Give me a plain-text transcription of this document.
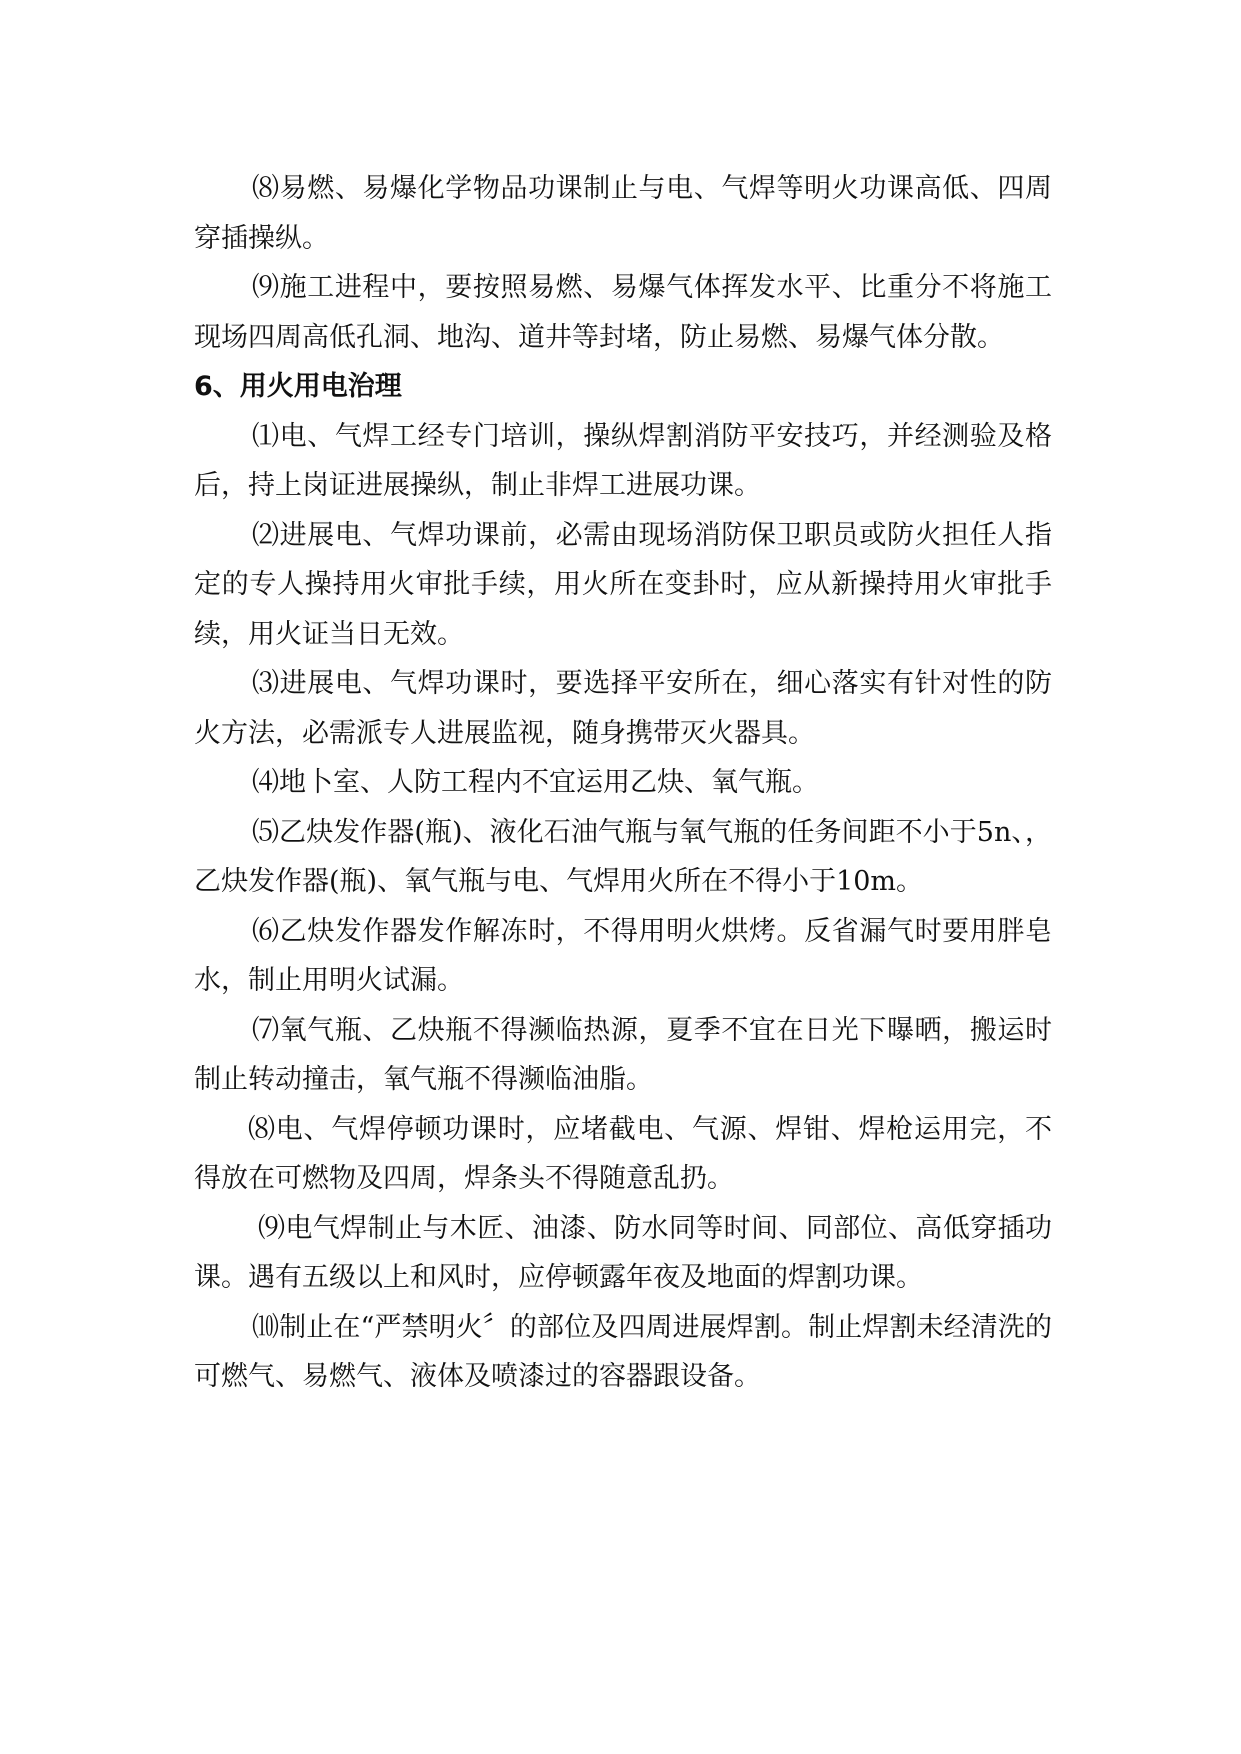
⑻易燃、易爆化学物品功课制止与电、气焊等明火功课高低、四周穿插操纵。

⑼施工进程中，要按照易燃、易爆气体挥发水平、比重分不将施工现场四周高低孔洞、地沟、道井等封堵，防止易燃、易爆气体分散。

6、用火用电治理

⑴电、气焊工经专门培训，操纵焊割消防平安技巧，并经测验及格后，持上岗证进展操纵，制止非焊工进展功课。

⑵进展电、气焊功课前，必需由现场消防保卫职员或防火担任人指定的专人操持用火审批手续，用火所在变卦时，应从新操持用火审批手续，用火证当日无效。

⑶进展电、气焊功课时，要选择平安所在，细心落实有针对性的防火方法，必需派专人进展监视，随身携带灭火器具。

⑷地卜室、人防工程内不宜运用乙炔、氧气瓶。

⑸乙炔发作器(瓶)、液化石油气瓶与氧气瓶的任务间距不小于5n、，乙炔发作器(瓶)、氧气瓶与电、气焊用火所在不得小于10m。

⑹乙炔发作器发作解冻时，不得用明火烘烤。反省漏气时要用胖皂水，制止用明火试漏。

⑺氧气瓶、乙炔瓶不得濒临热源，夏季不宜在日光下曝晒，搬运时制止转动撞击，氧气瓶不得濒临油脂。

⑻电、气焊停顿功课时，应堵截电、气源、焊钳、焊枪运用完，不得放在可燃物及四周，焊条头不得随意乱扔。

⑼电气焊制止与木匠、油漆、防水同等时间、同部位、高低穿插功课。遇有五级以上和风时，应停顿露年夜及地面的焊割功课。

⑽制止在“严禁明火〞的部位及四周进展焊割。制止焊割未经清洗的可燃气、易燃气、液体及喷漆过的容器跟设备。
